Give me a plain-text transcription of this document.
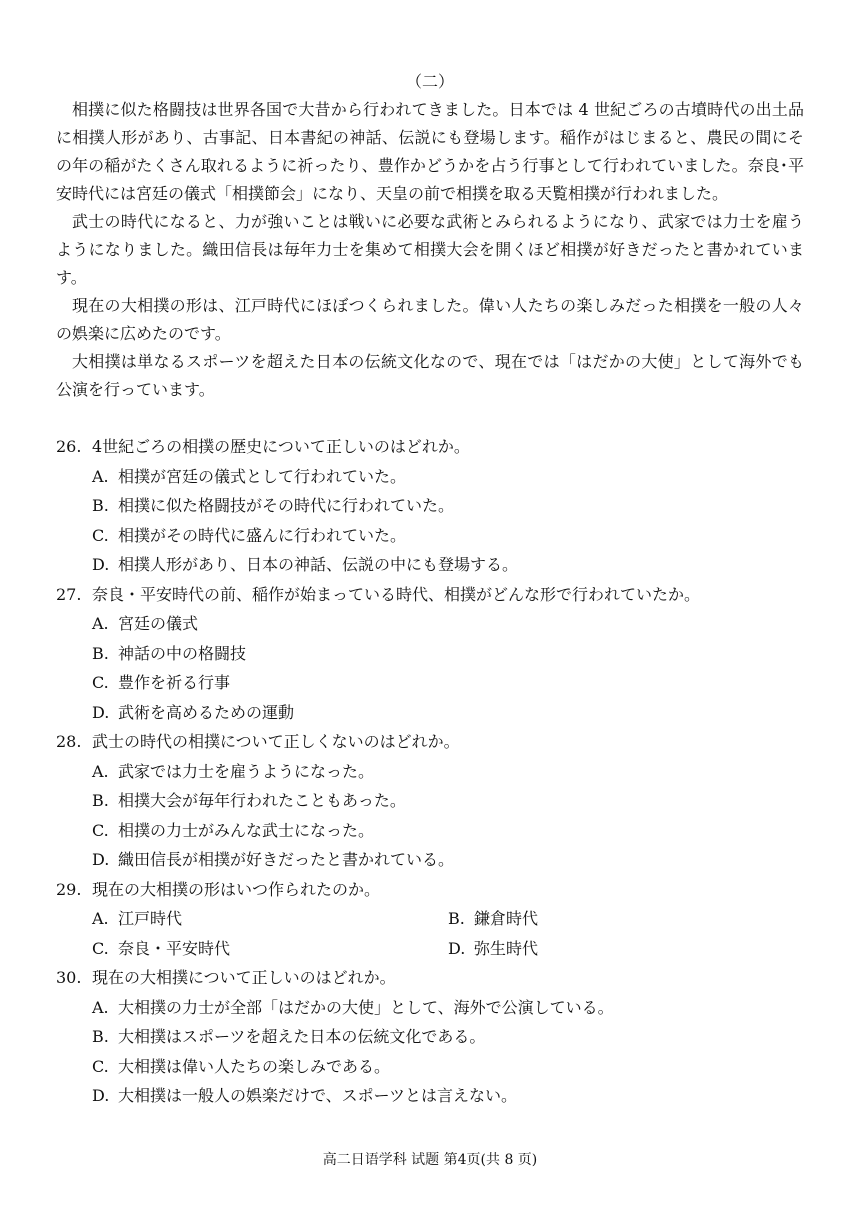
（二）

相撲に似た格闘技は世界各国で大昔から行われてきました。日本では 4 世紀ごろの古墳時代の出土品に相撲人形があり、古事記、日本書紀の神話、伝説にも登場します。稲作がはじまると、農民の間にその年の稲がたくさん取れるように祈ったり、豊作かどうかを占う行事として行われていました。奈良･平安時代には宮廷の儀式「相撲節会」になり、天皇の前で相撲を取る天覧相撲が行われました。

武士の時代になると、力が強いことは戦いに必要な武術とみられるようになり、武家では力士を雇うようになりました。織田信長は毎年力士を集めて相撲大会を開くほど相撲が好きだったと書かれています。

現在の大相撲の形は、江戸時代にほぼつくられました。偉い人たちの楽しみだった相撲を一般の人々の娯楽に広めたのです。

大相撲は単なるスポーツを超えた日本の伝統文化なので、現在では「はだかの大使」として海外でも公演を行っています。

26. 4世紀ごろの相撲の歴史について正しいのはどれか。
A. 相撲が宮廷の儀式として行われていた。
B. 相撲に似た格闘技がその時代に行われていた。
C. 相撲がその時代に盛んに行われていた。
D. 相撲人形があり、日本の神話、伝説の中にも登場する。
27. 奈良・平安時代の前、稲作が始まっている時代、相撲がどんな形で行われていたか。
A. 宮廷の儀式
B. 神話の中の格闘技
C. 豊作を祈る行事
D. 武術を高めるための運動
28. 武士の時代の相撲について正しくないのはどれか。
A. 武家では力士を雇うようになった。
B. 相撲大会が毎年行われたこともあった。
C. 相撲の力士がみんな武士になった。
D. 織田信長が相撲が好きだったと書かれている。
29. 現在の大相撲の形はいつ作られたのか。
A. 江戸時代	B. 鎌倉時代
C. 奈良・平安時代	D. 弥生時代
30. 現在の大相撲について正しいのはどれか。
A. 大相撲の力士が全部「はだかの大使」として、海外で公演している。
B. 大相撲はスポーツを超えた日本の伝統文化である。
C. 大相撲は偉い人たちの楽しみである。
D. 大相撲は一般人の娯楽だけで、スポーツとは言えない。
高二日语学科 试题 第4页(共 8 页)
